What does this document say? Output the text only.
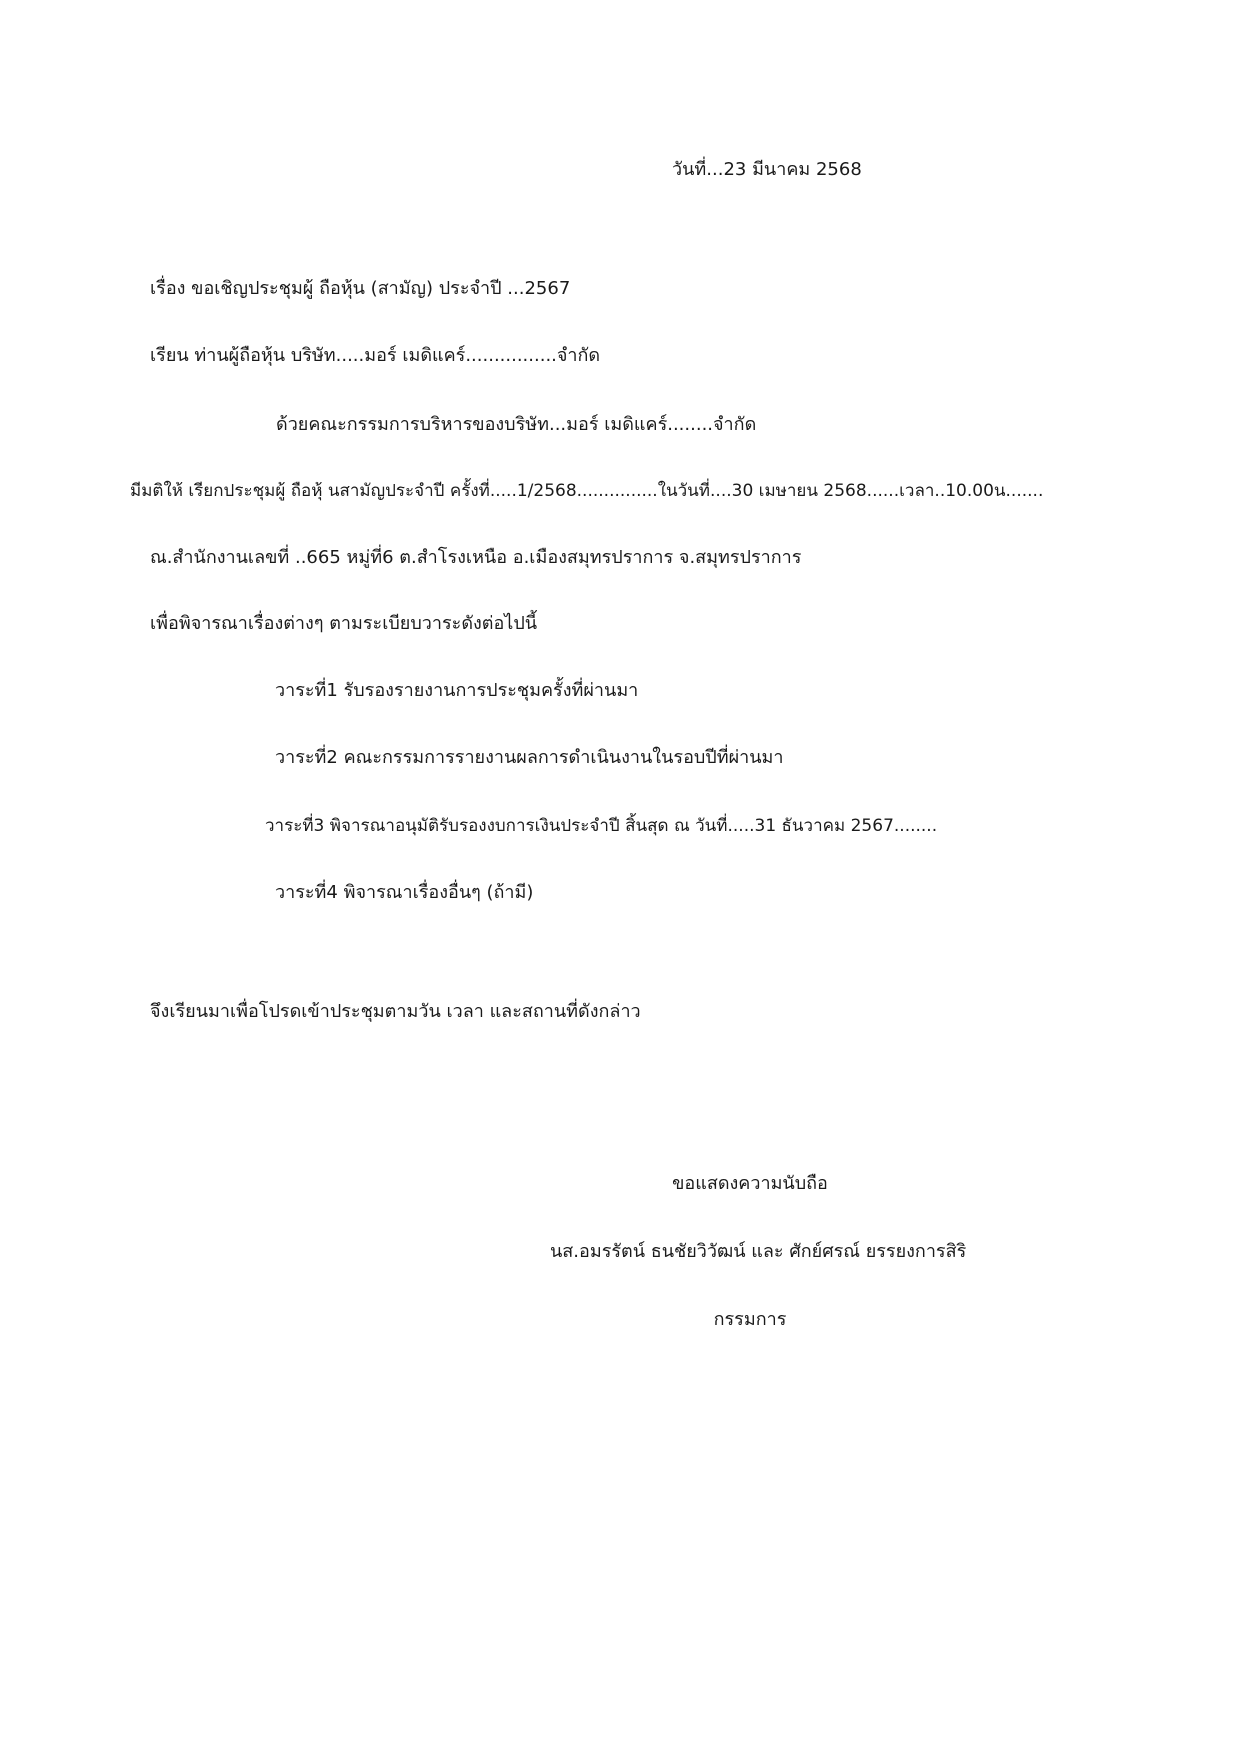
วันที่...23 มีนาคม 2568
เรื่อง ขอเชิญประชุมผู้ ถือหุ้น (สามัญ) ประจำปี ...2567
เรียน ท่านผู้ถือหุ้น บริษัท.....มอร์ เมดิแคร์................จำกัด
ด้วยคณะกรรมการบริหารของบริษัท...มอร์ เมดิแคร์........จำกัด
มีมติให้ เรียกประชุมผู้ ถือหุ้ นสามัญประจำปี ครั้งที่.....1/2568...............ในวันที่....30 เมษายน 2568......เวลา..10.00น.......
ณ.สำนักงานเลขที่ ..665 หมู่ที่6 ต.สำโรงเหนือ อ.เมืองสมุทรปราการ จ.สมุทรปราการ
เพื่อพิจารณาเรื่องต่างๆ ตามระเบียบวาระดังต่อไปนี้
วาระที่1 รับรองรายงานการประชุมครั้งที่ผ่านมา
วาระที่2 คณะกรรมการรายงานผลการดำเนินงานในรอบปีที่ผ่านมา
วาระที่3 พิจารณาอนุมัติรับรองงบการเงินประจำปี สิ้นสุด ณ วันที่.....31 ธันวาคม 2567........
วาระที่4 พิจารณาเรื่องอื่นๆ (ถ้ามี)
จึงเรียนมาเพื่อโปรดเข้าประชุมตามวัน เวลา และสถานที่ดังกล่าว
ขอแสดงความนับถือ
นส.อมรรัตน์ ธนชัยวิวัฒน์ และ ศักย์ศรณ์ ยรรยงการสิริ
กรรมการ
